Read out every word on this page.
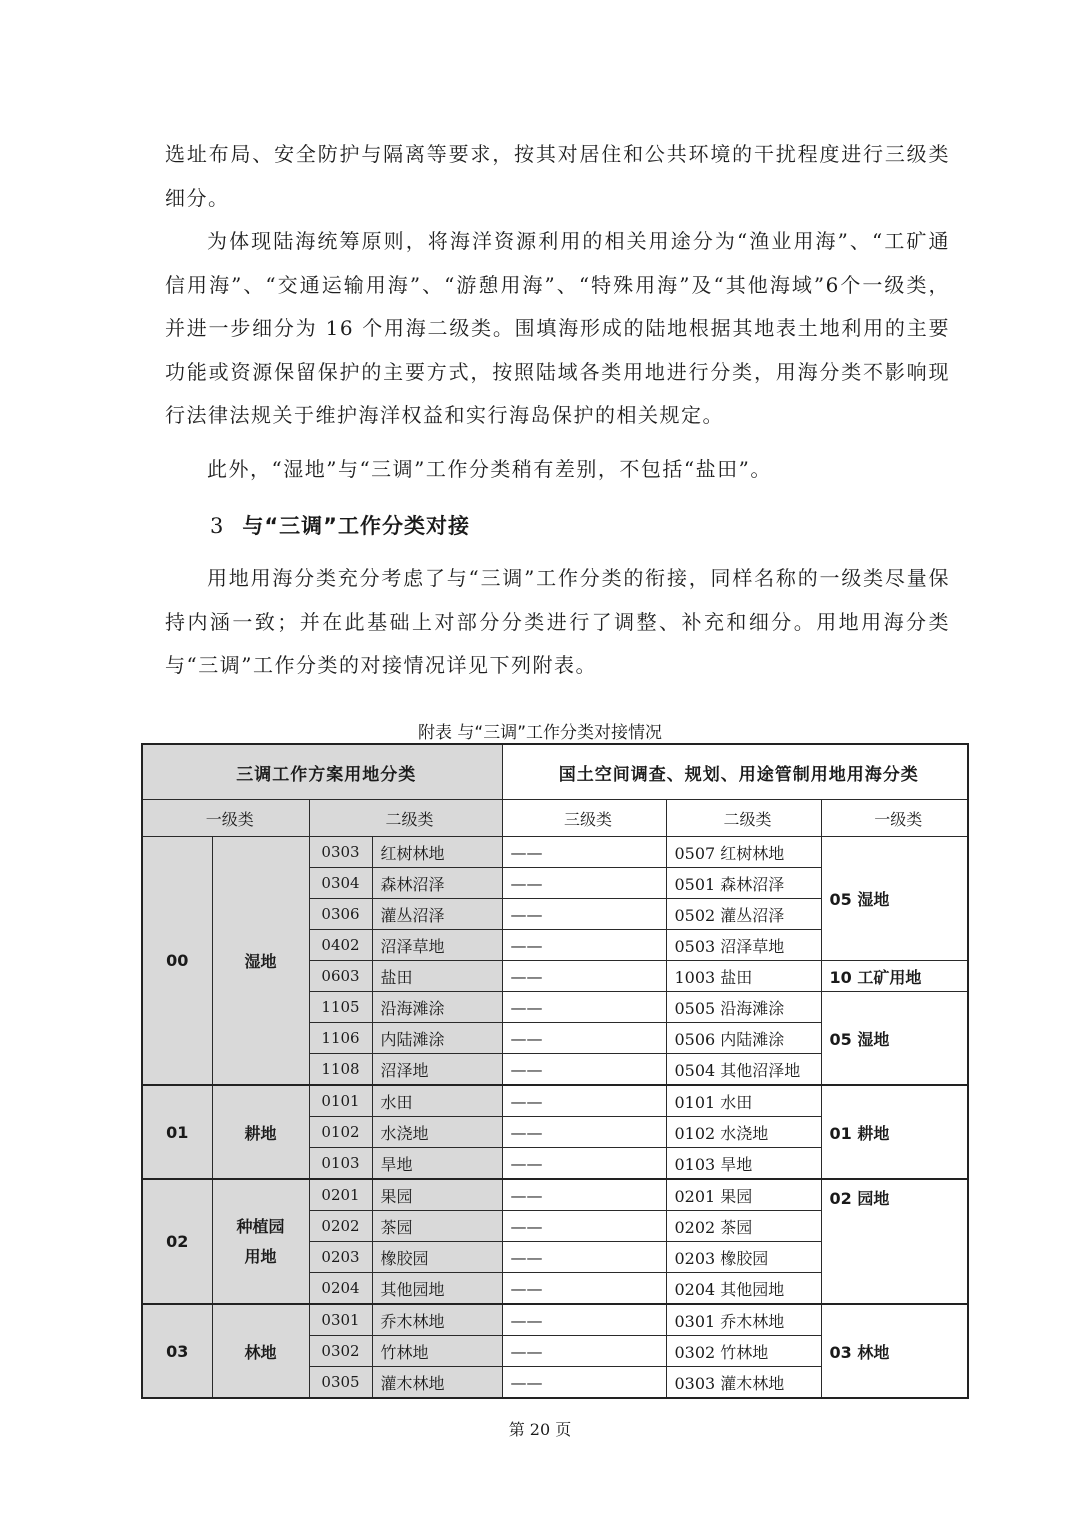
选址布局、安全防护与隔离等要求，按其对居住和公共环境的干扰程度进行三级类细分。

为体现陆海统筹原则，将海洋资源利用的相关用途分为“渔业用海”、“工矿通信用海”、“交通运输用海”、“游憩用海”、“特殊用海”及“其他海域”6个一级类，并进一步细分为 16 个用海二级类。围填海形成的陆地根据其地表土地利用的主要功能或资源保留保护的主要方式，按照陆域各类用地进行分类，用海分类不影响现行法律法规关于维护海洋权益和实行海岛保护的相关规定。

此外，“湿地”与“三调”工作分类稍有差别，不包括“盐田”。

3 与“三调”工作分类对接

用地用海分类充分考虑了与“三调”工作分类的衔接，同样名称的一级类尽量保持内涵一致；并在此基础上对部分分类进行了调整、补充和细分。用地用海分类与“三调”工作分类的对接情况详见下列附表。

附表 与“三调”工作分类对接情况
三调工作方案用地分类				国土空间调查、规划、用途管制用地用海分类		
一级类		二级类		三级类	二级类	一级类
00	湿地	0303	红树林地	——	0507 红树林地	05 湿地
		0304	森林沼泽	——	0501 森林沼泽	
		0306	灌丛沼泽	——	0502 灌丛沼泽	
		0402	沼泽草地	——	0503 沼泽草地	
		0603	盐田	——	1003 盐田	10 工矿用地
		1105	沿海滩涂	——	0505 沿海滩涂	05 湿地
		1106	内陆滩涂	——	0506 内陆滩涂	
		1108	沼泽地	——	0504 其他沼泽地	
01	耕地	0101	水田	——	0101 水田	01 耕地
		0102	水浇地	——	0102 水浇地	
		0103	旱地	——	0103 旱地	
02	种植园用地	0201	果园	——	0201 果园	02 园地
		0202	茶园	——	0202 茶园	
		0203	橡胶园	——	0203 橡胶园	
		0204	其他园地	——	0204 其他园地	
03	林地	0301	乔木林地	——	0301 乔木林地	03 林地
		0302	竹林地	——	0302 竹林地	
		0305	灌木林地	——	0303 灌木林地	
第 20 页
